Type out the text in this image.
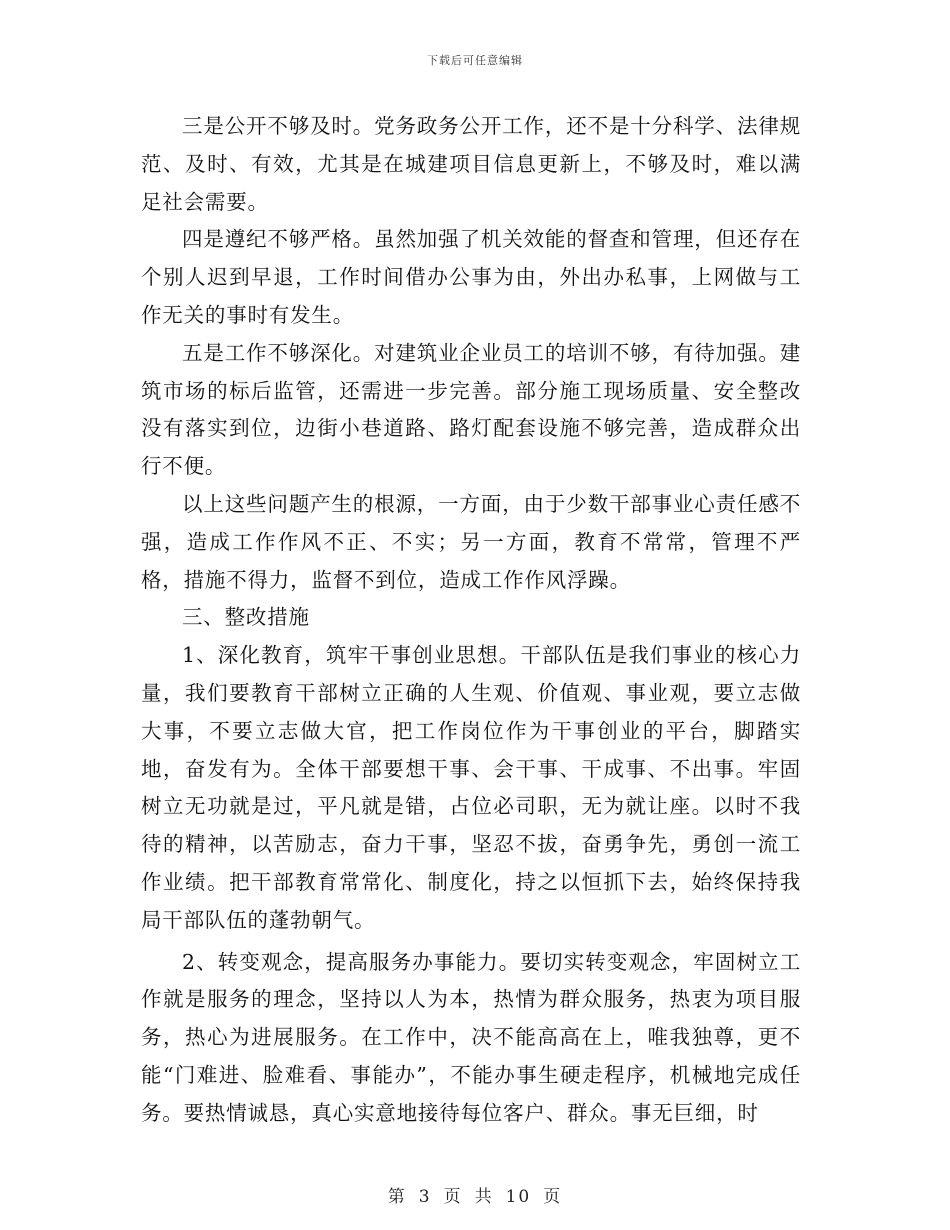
下载后可任意编辑

三是公开不够及时。党务政务公开工作，还不是十分科学、法律规范、及时、有效，尤其是在城建项目信息更新上，不够及时，难以满足社会需要。

四是遵纪不够严格。虽然加强了机关效能的督查和管理，但还存在个别人迟到早退，工作时间借办公事为由，外出办私事，上网做与工作无关的事时有发生。

五是工作不够深化。对建筑业企业员工的培训不够，有待加强。建筑市场的标后监管，还需进一步完善。部分施工现场质量、安全整改没有落实到位，边街小巷道路、路灯配套设施不够完善，造成群众出行不便。

以上这些问题产生的根源，一方面，由于少数干部事业心责任感不强，造成工作作风不正、不实；另一方面，教育不常常，管理不严格，措施不得力，监督不到位，造成工作作风浮躁。

三、整改措施

1、深化教育，筑牢干事创业思想。干部队伍是我们事业的核心力量，我们要教育干部树立正确的人生观、价值观、事业观，要立志做大事，不要立志做大官，把工作岗位作为干事创业的平台，脚踏实地，奋发有为。全体干部要想干事、会干事、干成事、不出事。牢固树立无功就是过，平凡就是错，占位必司职，无为就让座。以时不我待的精神，以苦励志，奋力干事，坚忍不拔，奋勇争先，勇创一流工作业绩。把干部教育常常化、制度化，持之以恒抓下去，始终保持我局干部队伍的蓬勃朝气。

2、转变观念，提高服务办事能力。要切实转变观念，牢固树立工作就是服务的理念，坚持以人为本，热情为群众服务，热衷为项目服务，热心为进展服务。在工作中，决不能高高在上，唯我独尊，更不能“门难进、脸难看、事能办”，不能办事生硬走程序，机械地完成任务。要热情诚恳，真心实意地接待每位客户、群众。事无巨细，时

第 3 页 共 10 页
